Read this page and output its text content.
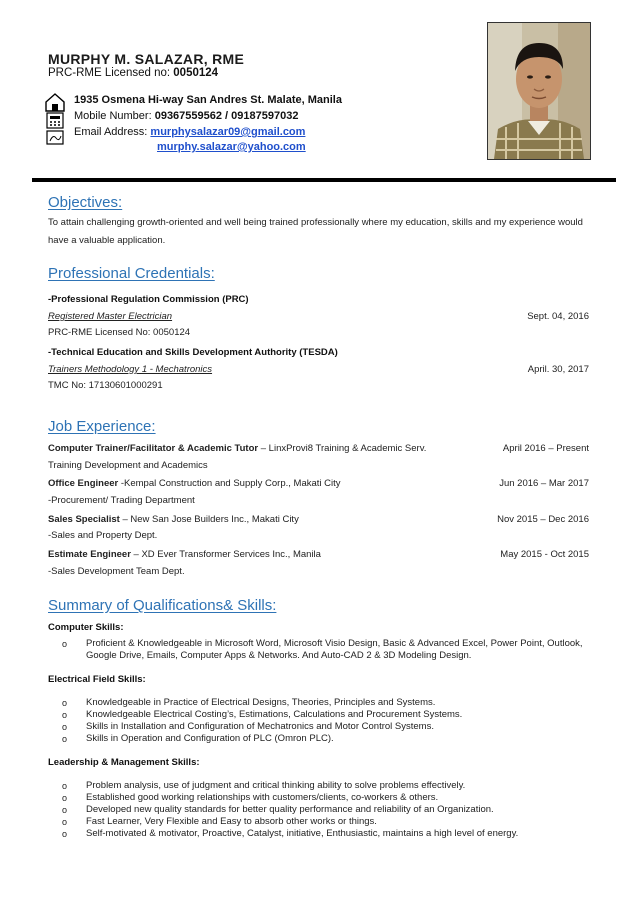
MURPHY M. SALAZAR, RME
PRC-RME Licensed no: 0050124
1935 Osmena Hi-way San Andres St. Malate, Manila
Mobile Number: 09367559562 / 09187597032
Email Address: murphysalazar09@gmail.com
murphy.salazar@yahoo.com
Objectives:
To attain challenging growth-oriented and well being trained professionally where my education, skills and my experience would have a valuable application.
Professional Credentials:
-Professional Regulation Commission (PRC)
Registered Master Electrician	Sept. 04, 2016
PRC-RME Licensed No: 0050124
-Technical Education and Skills Development Authority (TESDA)
Trainers Methodology 1 - Mechatronics	April. 30, 2017
TMC No: 17130601000291
Job Experience:
Computer Trainer/Facilitator & Academic Tutor – LinxProvi8 Training & Academic Serv.	April 2016 – Present
Training Development and Academics
Office Engineer -Kempal Construction and Supply Corp., Makati City	Jun 2016 – Mar 2017
-Procurement/ Trading Department
Sales Specialist – New San Jose Builders Inc., Makati City	Nov 2015 – Dec 2016
-Sales and Property Dept.
Estimate Engineer – XD Ever Transformer Services Inc., Manila	May 2015 - Oct 2015
-Sales Development Team Dept.
Summary of Qualifications& Skills:
Computer Skills:
o Proficient & Knowledgeable in Microsoft Word, Microsoft Visio Design, Basic & Advanced Excel, Power Point, Outlook, Google Drive, Emails, Computer Apps & Networks. And Auto-CAD 2 & 3D Modeling Design.
Electrical Field Skills:
o Knowledgeable in Practice of Electrical Designs, Theories, Principles and Systems.
o Knowledgeable Electrical Costing’s, Estimations, Calculations and Procurement Systems.
o Skills in Installation and Configuration of Mechatronics and Motor Control Systems.
o Skills in Operation and Configuration of PLC (Omron PLC).
Leadership & Management Skills:
o Problem analysis, use of judgment and critical thinking ability to solve problems effectively.
o Established good working relationships with customers/clients, co-workers & others.
o Developed new quality standards for better quality performance and reliability of an Organization.
o Fast Learner, Very Flexible and Easy to absorb other works or things.
o Self-motivated & motivator, Proactive, Catalyst, initiative, Enthusiastic, maintains a high level of energy.
